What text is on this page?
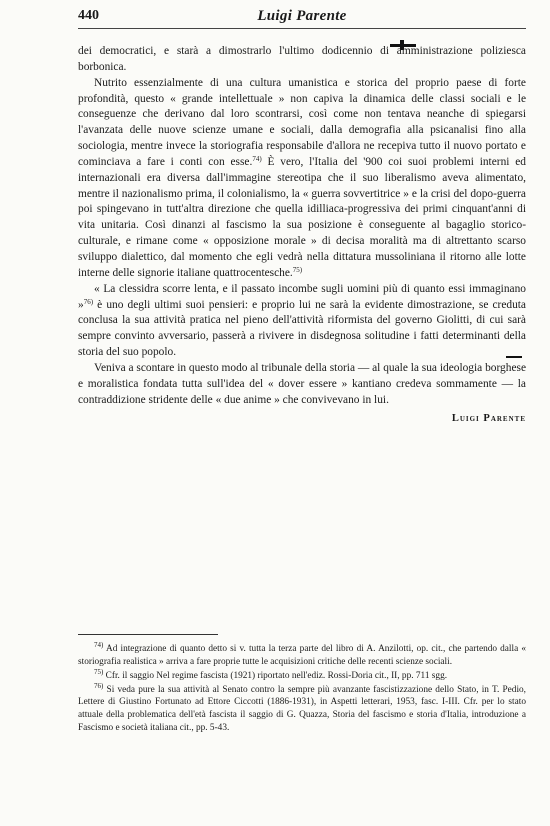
440	Luigi Parente

dei democratici, e starà a dimostrarlo l'ultimo dodicennio di amministrazione poliziesca borbonica.

Nutrito essenzialmente di una cultura umanistica e storica del proprio paese di forte profondità, questo « grande intellettuale » non capiva la dinamica delle classi sociali e le conseguenze che derivano dal loro scontrarsi, così come non tentava neanche di spiegarsi l'avanzata delle nuove scienze umane e sociali, dalla demografia alla psicanalisi fino alla sociologia, mentre invece la storiografia responsabile d'allora ne recepiva tutto il nuovo portato e cominciava a fare i conti con esse.$^{74)}$ È vero, l'Italia del '900 coi suoi problemi interni ed internazionali era diversa dall'immagine stereotipa che il suo liberalismo aveva alimentato, mentre il nazionalismo prima, il colonialismo, la « guerra sovvertitrice » e la crisi del dopo-guerra poi spingevano in tutt'altra direzione che quella idilliaca-progressiva dei primi cinquant'anni di vita unitaria. Così dinanzi al fascismo la sua posizione è conseguente al bagaglio storico-culturale, e rimane come « opposizione morale » di decisa moralità ma di altrettanto scarso sviluppo dialettico, dal momento che egli vedrà nella dittatura mussoliniana il ritorno alle lotte interne delle signorie italiane quattrocentesche.$^{75)}$

« La clessidra scorre lenta, e il passato incombe sugli uomini più di quanto essi immaginano »$^{76)}$ è uno degli ultimi suoi pensieri: e proprio lui ne sarà la evidente dimostrazione, se creduta conclusa la sua attività pratica nel pieno dell'attività riformista del governo Giolitti, di cui sarà sempre convinto avversario, passerà a rivivere in disdegnosa solitudine i fatti determinanti della storia del suo popolo.

Veniva a scontare in questo modo al tribunale della storia — al quale la sua ideologia borghese e moralistica fondata tutta sull'idea del « dover essere » kantiano credeva sommamente — la contraddizione stridente delle « due anime » che convivevano in lui.

Luigi Parente

$^{74)}$ Ad integrazione di quanto detto si v. tutta la terza parte del libro di A. Anzilotti, op. cit., che partendo dalla « storiografia realistica » arriva a fare proprie tutte le acquisizioni critiche delle recenti scienze sociali.

$^{75)}$ Cfr. il saggio Nel regime fascista (1921) riportato nell'ediz. Rossi-Doria cit., II, pp. 711 sgg.

$^{76)}$ Si veda pure la sua attività al Senato contro la sempre più avanzante fascistizzazione dello Stato, in T. Pedio, Lettere di Giustino Fortunato ad Ettore Ciccotti (1886-1931), in Aspetti letterari, 1953, fasc. I-III. Cfr. per lo stato attuale della problematica dell'età fascista il saggio di G. Quazza, Storia del fascismo e storia d'Italia, introduzione a Fascismo e società italiana cit., pp. 5-43.
